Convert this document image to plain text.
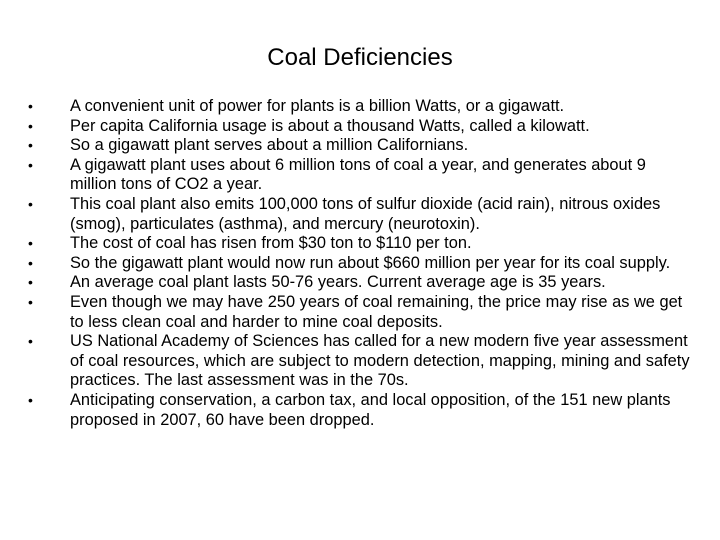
Coal Deficiencies
•	A convenient unit of power for plants is a billion Watts, or a gigawatt.
•	Per capita California usage is about a thousand Watts, called a kilowatt.
•	So a gigawatt plant serves about a million Californians.
•	A gigawatt plant uses about 6 million tons of coal a year, and generates about 9 million tons of CO2 a year.
•	This coal plant also emits 100,000 tons of sulfur dioxide (acid rain), nitrous oxides (smog), particulates (asthma), and mercury (neurotoxin).
•	The cost of coal has risen from $30 ton to $110 per ton.
•	So the gigawatt plant would now run about $660 million per year for its coal supply.
•	An average coal plant lasts 50-76 years. Current average age is 35 years.
•	Even though we may have 250 years of coal remaining, the price may rise as we get to less clean coal and harder to mine coal deposits.
•	US National Academy of Sciences has called for a new modern five year assessment of coal resources, which are subject to modern detection, mapping, mining and safety practices. The last assessment was in the 70s.
•	Anticipating conservation, a carbon tax, and local opposition, of the 151 new plants proposed in 2007, 60 have been dropped.
